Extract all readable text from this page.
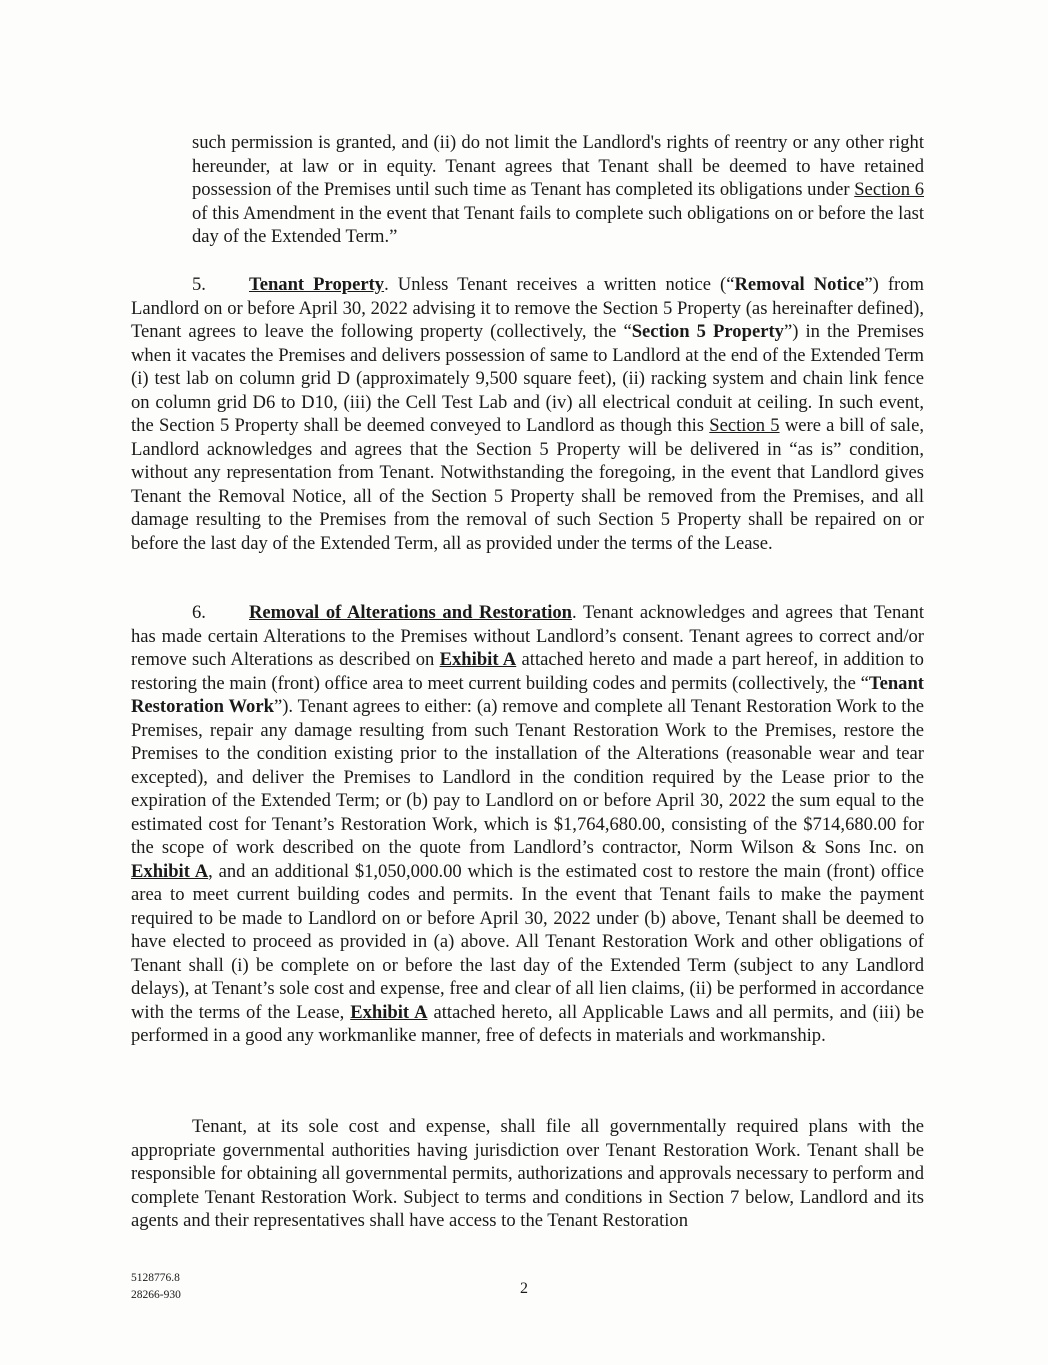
such permission is granted, and (ii) do not limit the Landlord's rights of reentry or any other right hereunder, at law or in equity. Tenant agrees that Tenant shall be deemed to have retained possession of the Premises until such time as Tenant has completed its obligations under Section 6 of this Amendment in the event that Tenant fails to complete such obligations on or before the last day of the Extended Term.”

5. Tenant Property. Unless Tenant receives a written notice (“Removal Notice”) from Landlord on or before April 30, 2022 advising it to remove the Section 5 Property (as hereinafter defined), Tenant agrees to leave the following property (collectively, the “Section 5 Property”) in the Premises when it vacates the Premises and delivers possession of same to Landlord at the end of the Extended Term (i) test lab on column grid D (approximately 9,500 square feet), (ii) racking system and chain link fence on column grid D6 to D10, (iii) the Cell Test Lab and (iv) all electrical conduit at ceiling. In such event, the Section 5 Property shall be deemed conveyed to Landlord as though this Section 5 were a bill of sale, Landlord acknowledges and agrees that the Section 5 Property will be delivered in “as is” condition, without any representation from Tenant. Notwithstanding the foregoing, in the event that Landlord gives Tenant the Removal Notice, all of the Section 5 Property shall be removed from the Premises, and all damage resulting to the Premises from the removal of such Section 5 Property shall be repaired on or before the last day of the Extended Term, all as provided under the terms of the Lease.

6. Removal of Alterations and Restoration. Tenant acknowledges and agrees that Tenant has made certain Alterations to the Premises without Landlord’s consent. Tenant agrees to correct and/or remove such Alterations as described on Exhibit A attached hereto and made a part hereof, in addition to restoring the main (front) office area to meet current building codes and permits (collectively, the “Tenant Restoration Work”). Tenant agrees to either: (a) remove and complete all Tenant Restoration Work to the Premises, repair any damage resulting from such Tenant Restoration Work to the Premises, restore the Premises to the condition existing prior to the installation of the Alterations (reasonable wear and tear excepted), and deliver the Premises to Landlord in the condition required by the Lease prior to the expiration of the Extended Term; or (b) pay to Landlord on or before April 30, 2022 the sum equal to the estimated cost for Tenant’s Restoration Work, which is $1,764,680.00, consisting of the $714,680.00 for the scope of work described on the quote from Landlord’s contractor, Norm Wilson & Sons Inc. on Exhibit A, and an additional $1,050,000.00 which is the estimated cost to restore the main (front) office area to meet current building codes and permits. In the event that Tenant fails to make the payment required to be made to Landlord on or before April 30, 2022 under (b) above, Tenant shall be deemed to have elected to proceed as provided in (a) above. All Tenant Restoration Work and other obligations of Tenant shall (i) be complete on or before the last day of the Extended Term (subject to any Landlord delays), at Tenant’s sole cost and expense, free and clear of all lien claims, (ii) be performed in accordance with the terms of the Lease, Exhibit A attached hereto, all Applicable Laws and all permits, and (iii) be performed in a good any workmanlike manner, free of defects in materials and workmanship.

Tenant, at its sole cost and expense, shall file all governmentally required plans with the appropriate governmental authorities having jurisdiction over Tenant Restoration Work. Tenant shall be responsible for obtaining all governmental permits, authorizations and approvals necessary to perform and complete Tenant Restoration Work. Subject to terms and conditions in Section 7 below, Landlord and its agents and their representatives shall have access to the Tenant Restoration

5128776.8
28266-930	2
